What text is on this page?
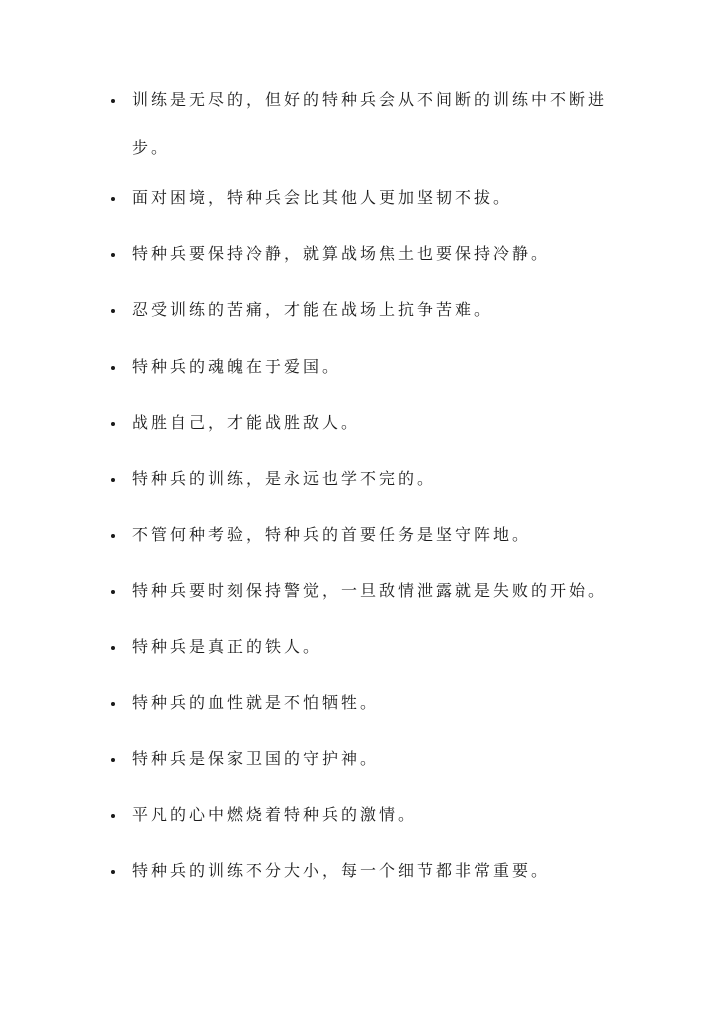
训练是无尽的，但好的特种兵会从不间断的训练中不断进步。
面对困境，特种兵会比其他人更加坚韧不拔。
特种兵要保持冷静，就算战场焦土也要保持冷静。
忍受训练的苦痛，才能在战场上抗争苦难。
特种兵的魂魄在于爱国。
战胜自己，才能战胜敌人。
特种兵的训练，是永远也学不完的。
不管何种考验，特种兵的首要任务是坚守阵地。
特种兵要时刻保持警觉，一旦敌情泄露就是失败的开始。
特种兵是真正的铁人。
特种兵的血性就是不怕牺牲。
特种兵是保家卫国的守护神。
平凡的心中燃烧着特种兵的激情。
特种兵的训练不分大小，每一个细节都非常重要。
